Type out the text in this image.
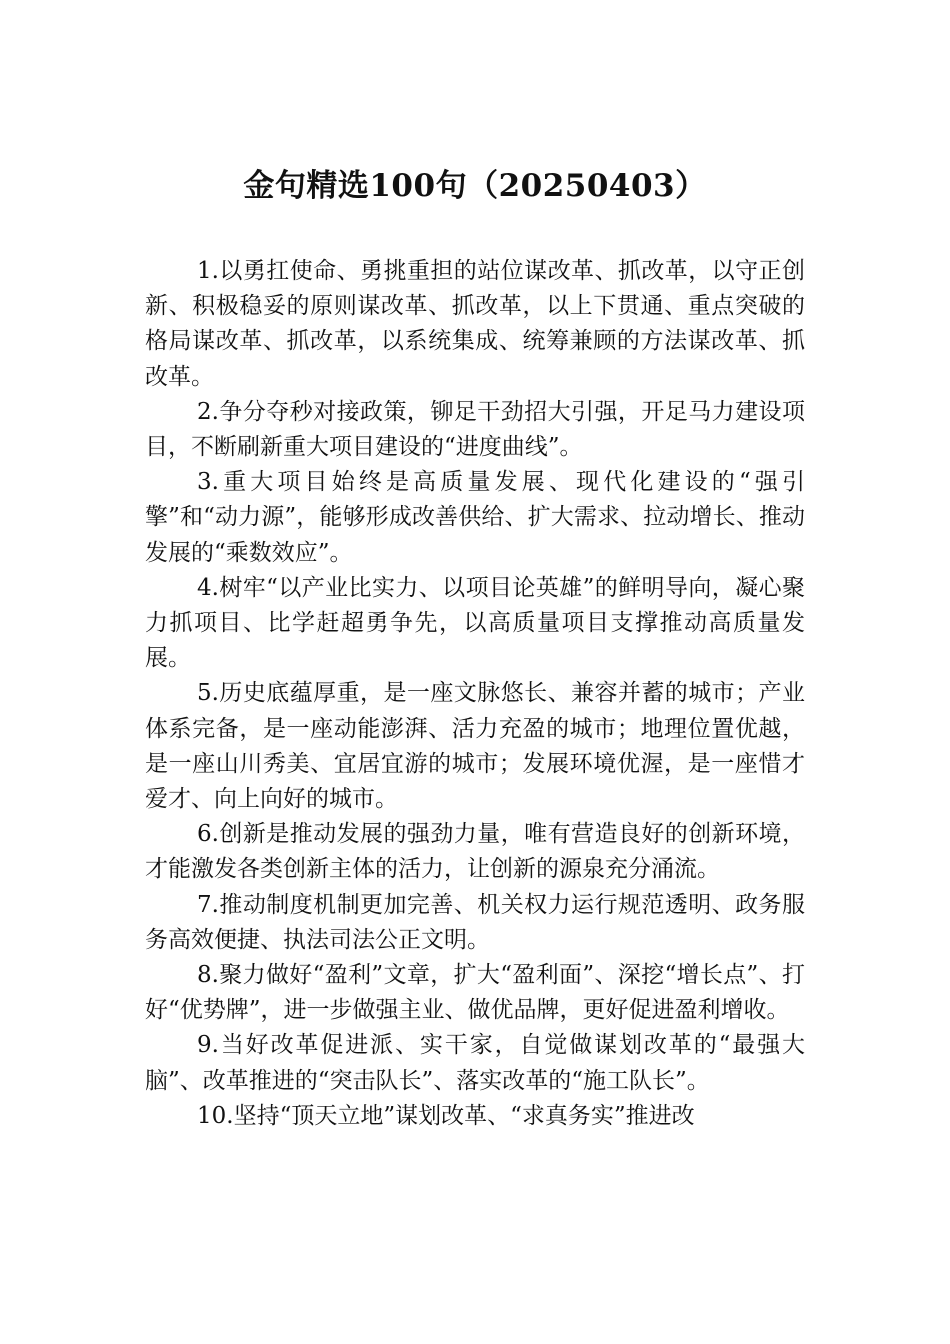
金句精选100句（20250403）

1.以勇扛使命、勇挑重担的站位谋改革、抓改革，以守正创新、积极稳妥的原则谋改革、抓改革，以上下贯通、重点突破的格局谋改革、抓改革，以系统集成、统筹兼顾的方法谋改革、抓改革。

2.争分夺秒对接政策，铆足干劲招大引强，开足马力建设项目，不断刷新重大项目建设的“进度曲线”。

3.重大项目始终是高质量发展、现代化建设的“强引擎”和“动力源”，能够形成改善供给、扩大需求、拉动增长、推动发展的“乘数效应”。

4.树牢“以产业比实力、以项目论英雄”的鲜明导向，凝心聚力抓项目、比学赶超勇争先，以高质量项目支撑推动高质量发展。

5.历史底蕴厚重，是一座文脉悠长、兼容并蓄的城市；产业体系完备，是一座动能澎湃、活力充盈的城市；地理位置优越，是一座山川秀美、宜居宜游的城市；发展环境优渥，是一座惜才爱才、向上向好的城市。

6.创新是推动发展的强劲力量，唯有营造良好的创新环境，才能激发各类创新主体的活力，让创新的源泉充分涌流。

7.推动制度机制更加完善、机关权力运行规范透明、政务服务高效便捷、执法司法公正文明。

8.聚力做好“盈利”文章，扩大“盈利面”、深挖“增长点”、打好“优势牌”，进一步做强主业、做优品牌，更好促进盈利增收。

9.当好改革促进派、实干家，自觉做谋划改革的“最强大脑”、改革推进的“突击队长”、落实改革的“施工队长”。

10.坚持“顶天立地”谋划改革、“求真务实”推进改
